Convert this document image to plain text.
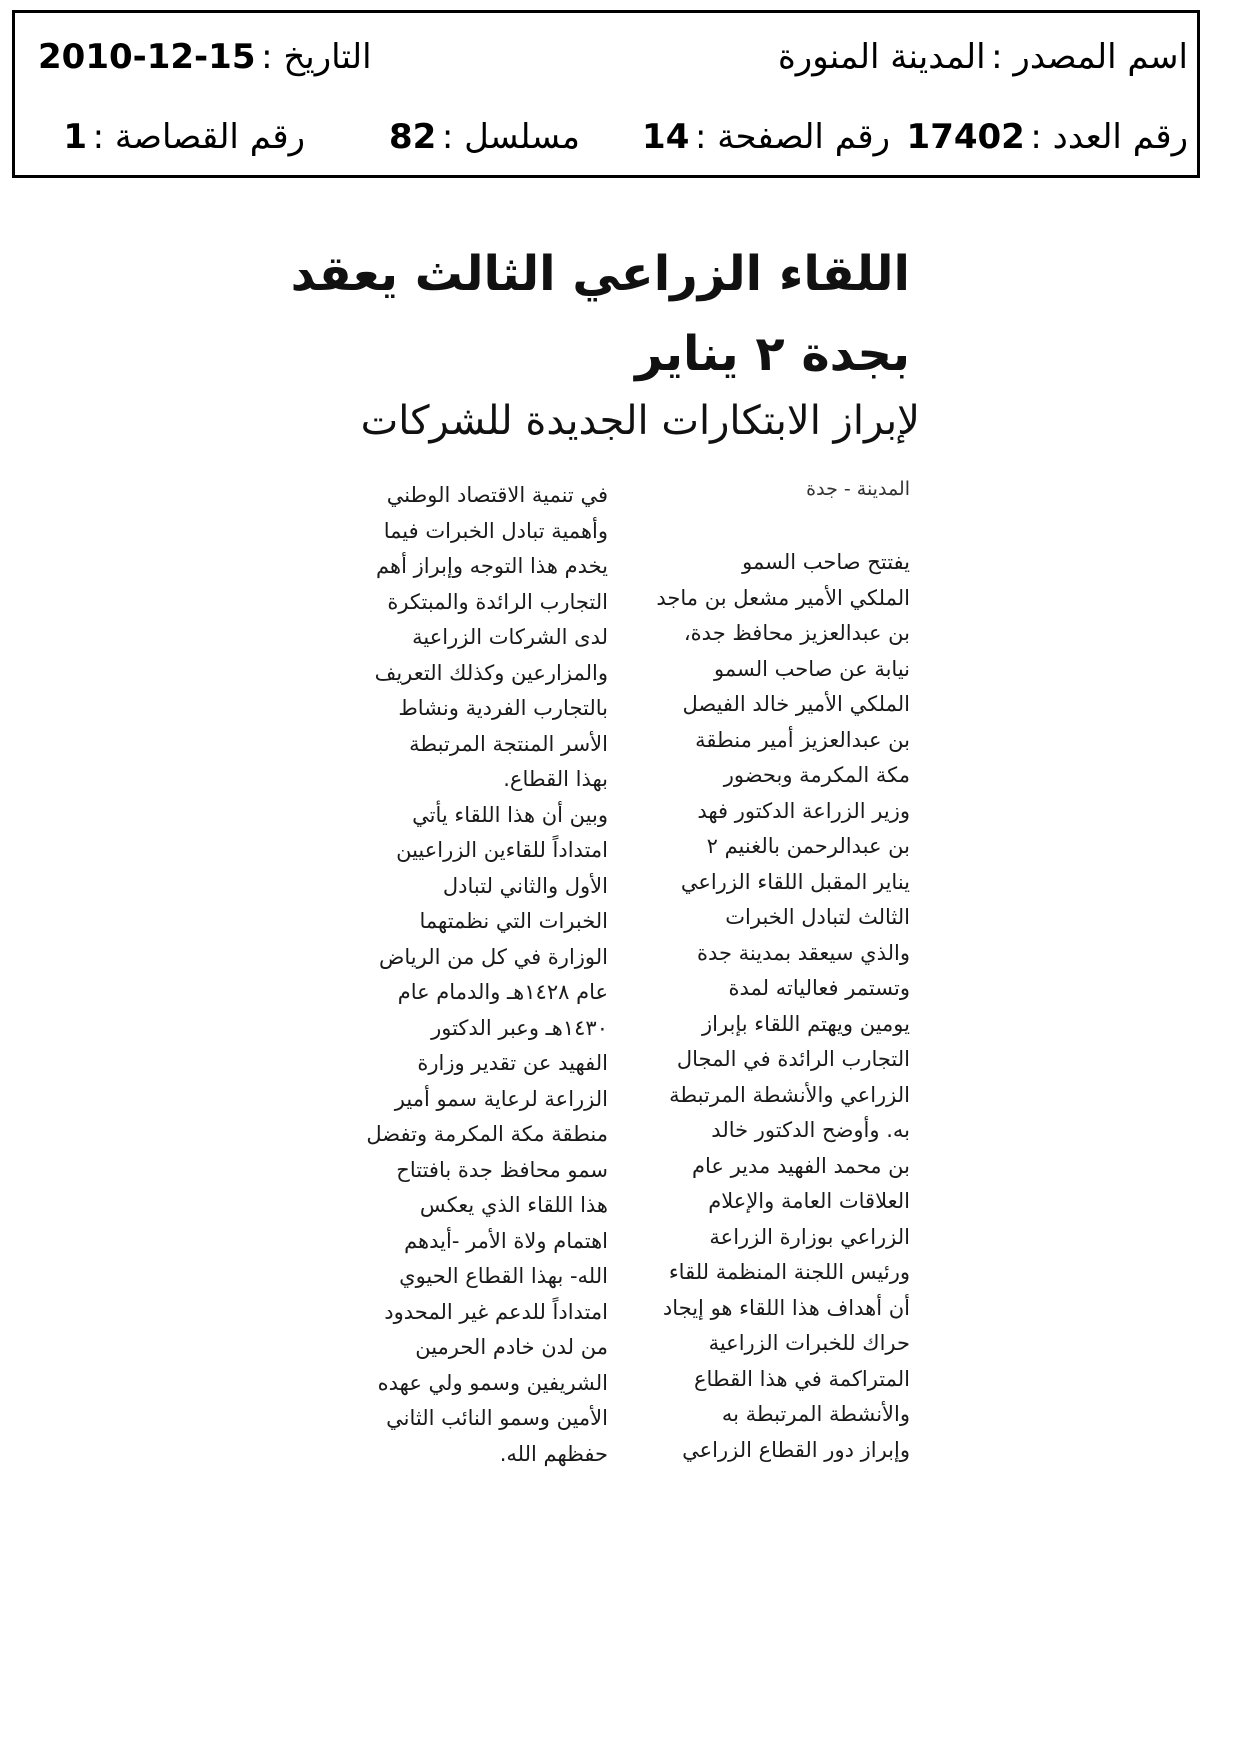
اسم المصدر : المدينة المنورة
2010-12-15 التاريخ :
رقم العدد : 17402
رقم الصفحة : 14
مسلسل : 82
رقم القصاصة : 1
اللقاء الزراعي الثالث يعقد
بجدة ٢ يناير
لإبراز الابتكارات الجديدة للشركات
المدينة - جدة
يفتتح صاحب السمو
الملكي الأمير مشعل بن ماجد
بن عبدالعزيز محافظ جدة،
نيابة عن صاحب السمو
الملكي الأمير خالد الفيصل
بن عبدالعزيز أمير منطقة
مكة المكرمة وبحضور
وزير الزراعة الدكتور فهد
بن عبدالرحمن بالغنيم ٢
يناير المقبل اللقاء الزراعي
الثالث لتبادل الخبرات
والذي سيعقد بمدينة جدة
وتستمر فعالياته لمدة
يومين ويهتم اللقاء بإبراز
التجارب الرائدة في المجال
الزراعي والأنشطة المرتبطة
به. وأوضح الدكتور خالد
بن محمد الفهيد مدير عام
العلاقات العامة والإعلام
الزراعي بوزارة الزراعة
ورئيس اللجنة المنظمة للقاء
أن أهداف هذا اللقاء هو إيجاد
حراك للخبرات الزراعية
المتراكمة في هذا القطاع
والأنشطة المرتبطة به
وإبراز دور القطاع الزراعي
في تنمية الاقتصاد الوطني
وأهمية تبادل الخبرات فيما
يخدم هذا التوجه وإبراز أهم
التجارب الرائدة والمبتكرة
لدى الشركات الزراعية
والمزارعين وكذلك التعريف
بالتجارب الفردية ونشاط
الأسر المنتجة المرتبطة
بهذا القطاع.
وبين أن هذا اللقاء يأتي
امتداداً للقاءين الزراعيين
الأول والثاني لتبادل
الخبرات التي نظمتهما
الوزارة في كل من الرياض
عام ١٤٢٨هـ والدمام عام
١٤٣٠هـ وعبر الدكتور
الفهيد عن تقدير وزارة
الزراعة لرعاية سمو أمير
منطقة مكة المكرمة وتفضل
سمو محافظ جدة بافتتاح
هذا اللقاء الذي يعكس
اهتمام ولاة الأمر -أيدهم
الله- بهذا القطاع الحيوي
امتداداً للدعم غير المحدود
من لدن خادم الحرمين
الشريفين وسمو ولي عهده
الأمين وسمو النائب الثاني
حفظهم الله.
